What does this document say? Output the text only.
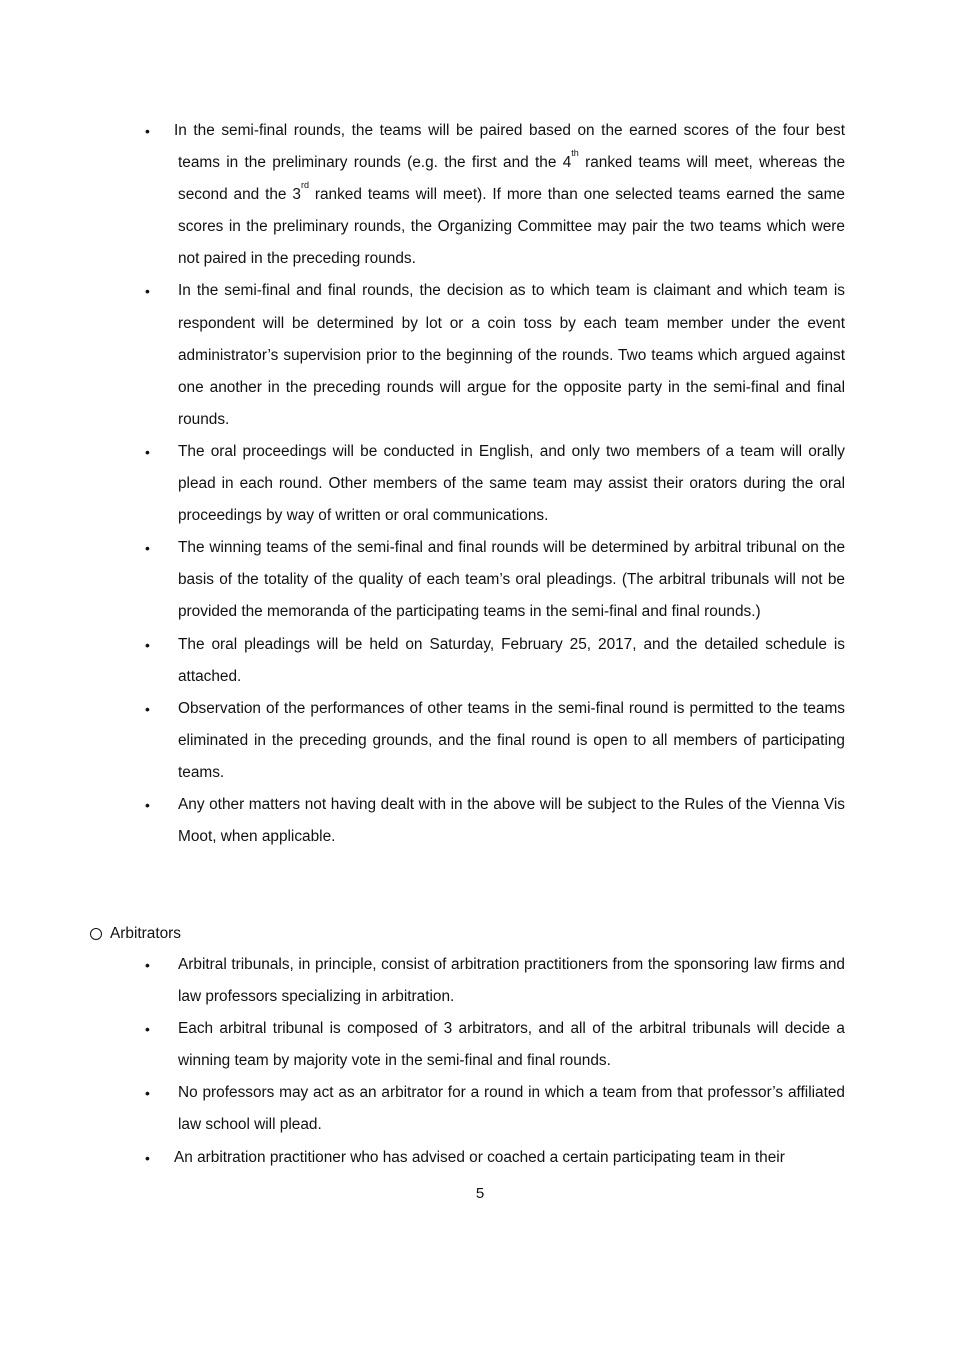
• In the semi-final rounds, the teams will be paired based on the earned scores of the four best teams in the preliminary rounds (e.g. the first and the 4th ranked teams will meet, whereas the second and the 3rd ranked teams will meet). If more than one selected teams earned the same scores in the preliminary rounds, the Organizing Committee may pair the two teams which were not paired in the preceding rounds.
• In the semi-final and final rounds, the decision as to which team is claimant and which team is respondent will be determined by lot or a coin toss by each team member under the event administrator’s supervision prior to the beginning of the rounds. Two teams which argued against one another in the preceding rounds will argue for the opposite party in the semi-final and final rounds.
• The oral proceedings will be conducted in English, and only two members of a team will orally plead in each round. Other members of the same team may assist their orators during the oral proceedings by way of written or oral communications.
• The winning teams of the semi-final and final rounds will be determined by arbitral tribunal on the basis of the totality of the quality of each team’s oral pleadings. (The arbitral tribunals will not be provided the memoranda of the participating teams in the semi-final and final rounds.)
• The oral pleadings will be held on Saturday, February 25, 2017, and the detailed schedule is attached.
• Observation of the performances of other teams in the semi-final round is permitted to the teams eliminated in the preceding grounds, and the final round is open to all members of participating teams.
• Any other matters not having dealt with in the above will be subject to the Rules of the Vienna Vis Moot, when applicable.
Arbitrators
• Arbitral tribunals, in principle, consist of arbitration practitioners from the sponsoring law firms and law professors specializing in arbitration.
• Each arbitral tribunal is composed of 3 arbitrators, and all of the arbitral tribunals will decide a winning team by majority vote in the semi-final and final rounds.
• No professors may act as an arbitrator for a round in which a team from that professor’s affiliated law school will plead.
• An arbitration practitioner who has advised or coached a certain participating team in their
5
